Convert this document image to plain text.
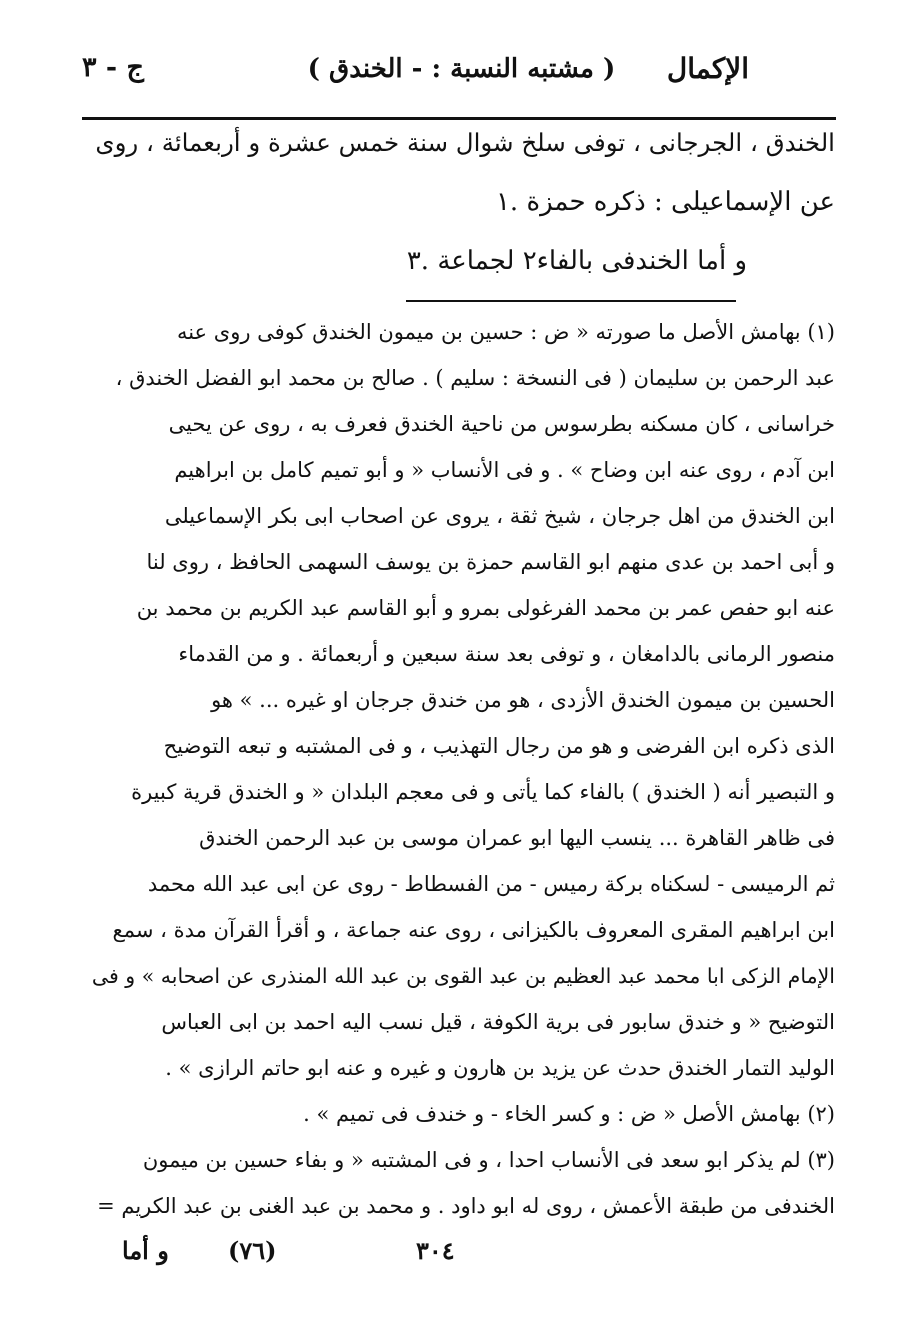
ج - ٣	( مشتبه النسبة : - الخندق )	الإكمال
الخندق ، الجرجانى ، توفى سلخ شوال سنة خمس عشرة و أربعمائة ، روى
عن الإسماعيلى : ذكره حمزة .١
و أما الخندفى بالفاء٢ لجماعة .٣
(١) بهامش الأصل ما صورته « ض : حسين بن ميمون الخندق كوفى روى عنه
عبد الرحمن بن سليمان ( فى النسخة : سليم ) . صالح بن محمد ابو الفضل الخندق ،
خراسانى ، كان مسكنه بطرسوس من ناحية الخندق فعرف به ، روى عن يحيى
ابن آدم ، روى عنه ابن وضاح » . و فى الأنساب « و أبو تميم كامل بن ابراهيم
ابن الخندق من اهل جرجان ، شيخ ثقة ، يروى عن اصحاب ابى بكر الإسماعيلى
و أبى احمد بن عدى منهم ابو القاسم حمزة بن يوسف السهمى الحافظ ، روى لنا
عنه ابو حفص عمر بن محمد الفرغولى بمرو و أبو القاسم عبد الكريم بن محمد بن
منصور الرمانى بالدامغان ، و توفى بعد سنة سبعين و أربعمائة . و من القدماء
الحسين بن ميمون الخندق الأزدى ، هو من خندق جرجان او غيره ... » هو
الذى ذكره ابن الفرضى و هو من رجال التهذيب ، و فى المشتبه و تبعه التوضيح
و التبصير أنه ( الخندق ) بالفاء كما يأتى و فى معجم البلدان « و الخندق قرية كبيرة
فى ظاهر القاهرة ... ينسب اليها ابو عمران موسى بن عبد الرحمن الخندق
ثم الرميسى - لسكناه بركة رميس - من الفسطاط - روى عن ابى عبد الله محمد
ابن ابراهيم المقرى المعروف بالكيزانى ، روى عنه جماعة ، و أقرأ القرآن مدة ، سمع
الإمام الزكى ابا محمد عبد العظيم بن عبد القوى بن عبد الله المنذرى عن اصحابه » و فى
التوضيح « و خندق سابور فى برية الكوفة ، قيل نسب اليه احمد بن ابى العباس
الوليد التمار الخندق حدث عن يزيد بن هارون و غيره و عنه ابو حاتم الرازى » .
(٢) بهامش الأصل « ض : و كسر الخاء - و خندف فى تميم » .
(٣) لم يذكر ابو سعد فى الأنساب احدا ، و فى المشتبه « و بفاء حسين بن ميمون
الخندفى من طبقة الأعمش ، روى له ابو داود . و محمد بن عبد الغنى بن عبد الكريم =
و أما (٧٦)	٣٠٤
